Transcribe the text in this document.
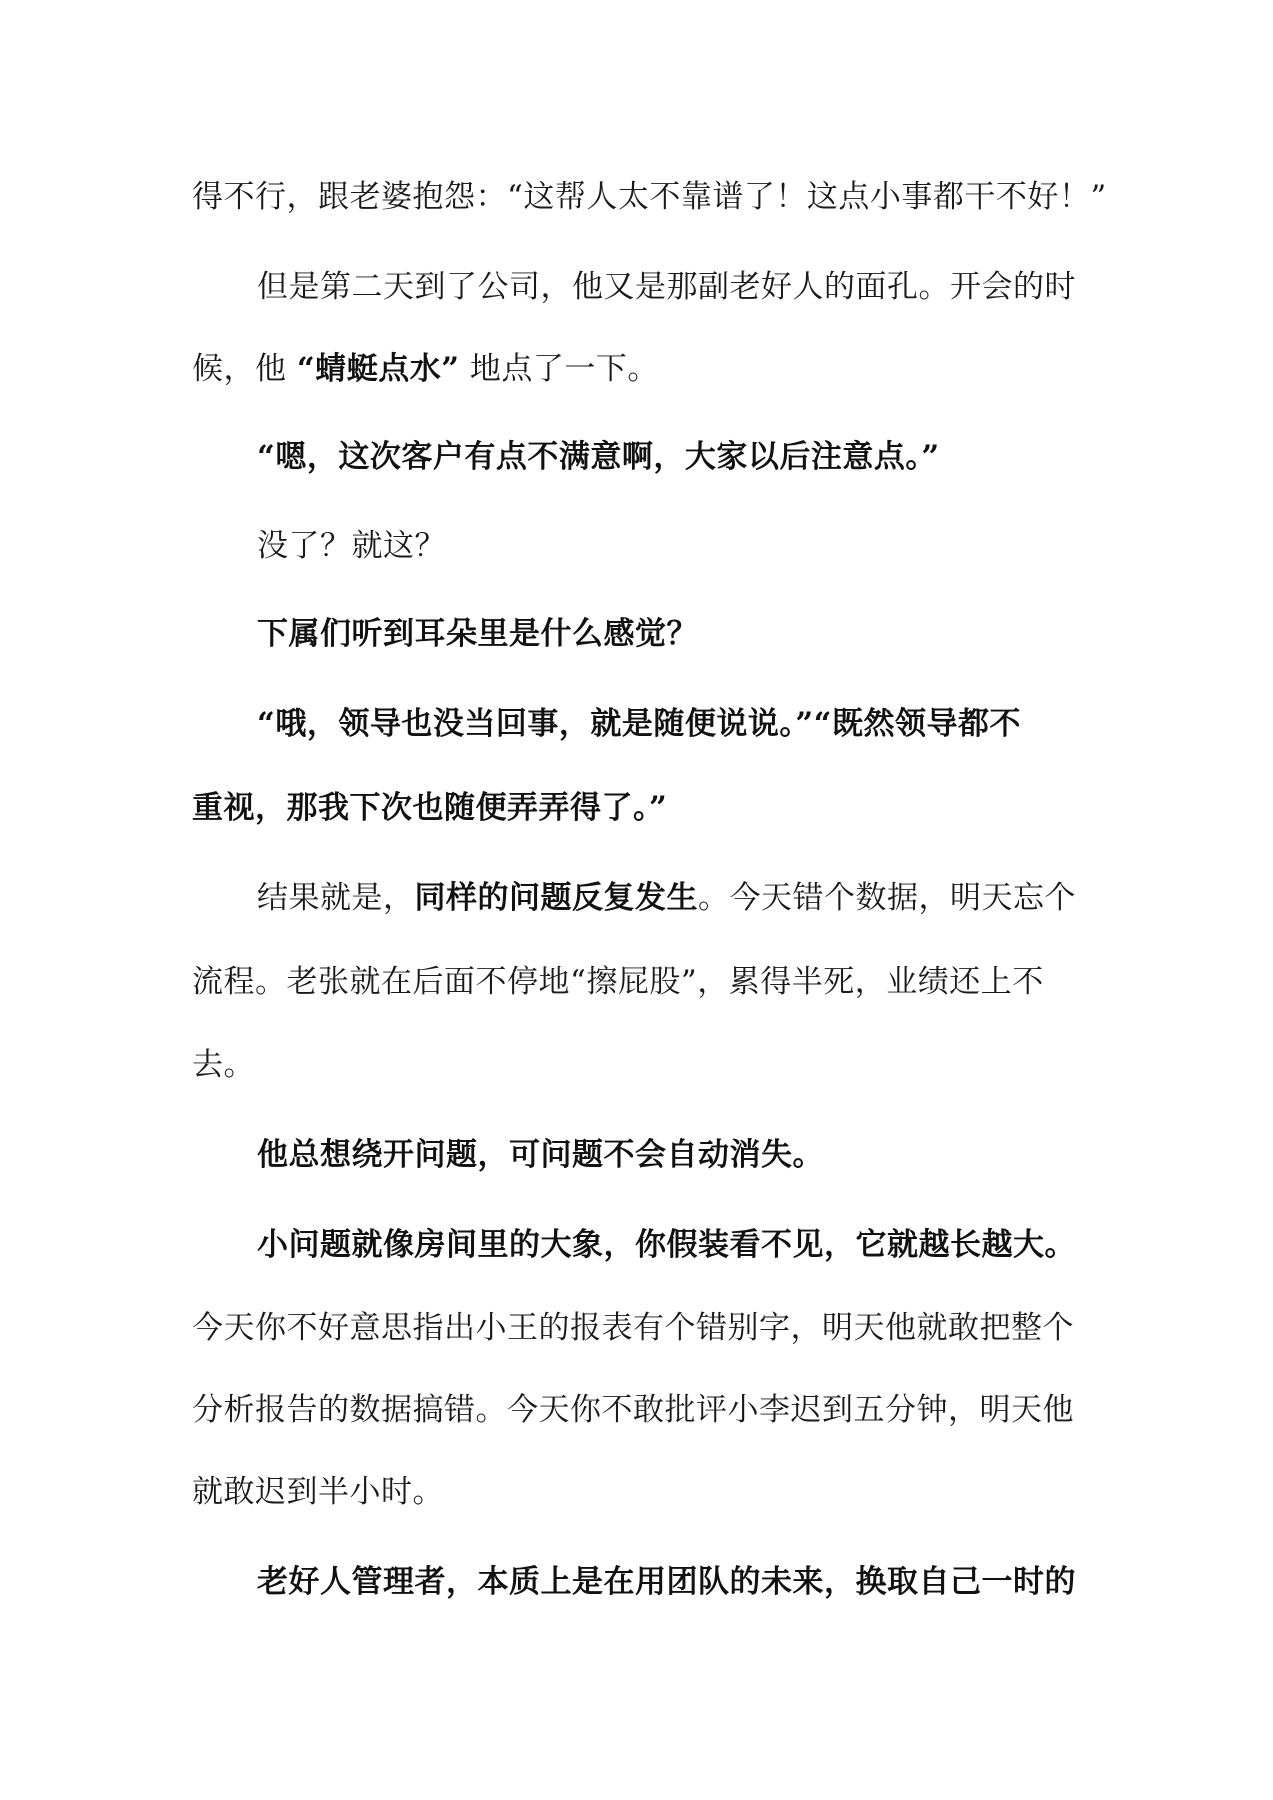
得不行，跟老婆抱怨：“这帮人太不靠谱了！这点小事都干不好！”
但是第二天到了公司，他又是那副老好人的面孔。开会的时
候，他 “蜻蜓点水” 地点了一下。
“嗯，这次客户有点不满意啊，大家以后注意点。”
没了？就这？
下属们听到耳朵里是什么感觉？
“哦，领导也没当回事，就是随便说说。”“既然领导都不
重视，那我下次也随便弄弄得了。”
结果就是，同样的问题反复发生。今天错个数据，明天忘个
流程。老张就在后面不停地“擦屁股”，累得半死，业绩还上不
去。
他总想绕开问题，可问题不会自动消失。
小问题就像房间里的大象，你假装看不见，它就越长越大。
今天你不好意思指出小王的报表有个错别字，明天他就敢把整个
分析报告的数据搞错。今天你不敢批评小李迟到五分钟，明天他
就敢迟到半小时。
老好人管理者，本质上是在用团队的未来，换取自己一时的
